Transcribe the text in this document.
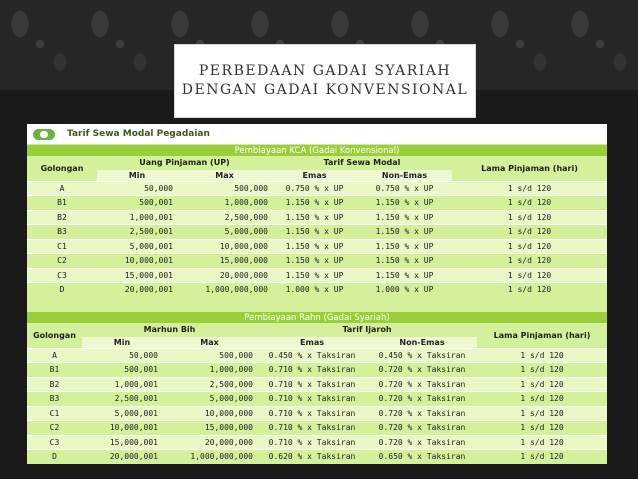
PERBEDAAN GADAI SYARIAH
DENGAN GADAI KONVENSIONAL
Tarif Sewa Modal Pegadaian
Pembiayaan KCA (Gadai Konvensional)					
Golongan	Uang Pinjaman (UP)		Tarif Sewa Modal		Lama Pinjaman (hari)
	Min	Max	Emas	Non-Emas	
A	50,000	500,000	0.750 % x UP	0.750 % x UP	1 s/d 120
B1	500,001	1,000,000	1.150 % x UP	1.150 % x UP	1 s/d 120
B2	1,000,001	2,500,000	1.150 % x UP	1.150 % x UP	1 s/d 120
B3	2,500,001	5,000,000	1.150 % x UP	1.150 % x UP	1 s/d 120
C1	5,000,001	10,000,000	1.150 % x UP	1.150 % x UP	1 s/d 120
C2	10,000,001	15,000,000	1.150 % x UP	1.150 % x UP	1 s/d 120
C3	15,000,001	20,000,000	1.150 % x UP	1.150 % x UP	1 s/d 120
D	20,000,001	1,000,000,000	1.000 % x UP	1.000 % x UP	1 s/d 120
Pembiayaan Rahn (Gadai Syariah)					
Golongan	Marhun Bih		Tarif Ijaroh		Lama Pinjaman (hari)
	Min	Max	Emas	Non-Emas	
A	50,000	500,000	0.450 % x Taksiran	0.450 % x Taksiran	1 s/d 120
B1	500,001	1,000,000	0.710 % x Taksiran	0.720 % x Taksiran	1 s/d 120
B2	1,000,001	2,500,000	0.710 % x Taksiran	0.720 % x Taksiran	1 s/d 120
B3	2,500,001	5,000,000	0.710 % x Taksiran	0.720 % x Taksiran	1 s/d 120
C1	5,000,001	10,000,000	0.710 % x Taksiran	0.720 % x Taksiran	1 s/d 120
C2	10,000,001	15,000,000	0.710 % x Taksiran	0.720 % x Taksiran	1 s/d 120
C3	15,000,001	20,000,000	0.710 % x Taksiran	0.720 % x Taksiran	1 s/d 120
D	20,000,001	1,000,000,000	0.620 % x Taksiran	0.650 % x Taksiran	1 s/d 120
